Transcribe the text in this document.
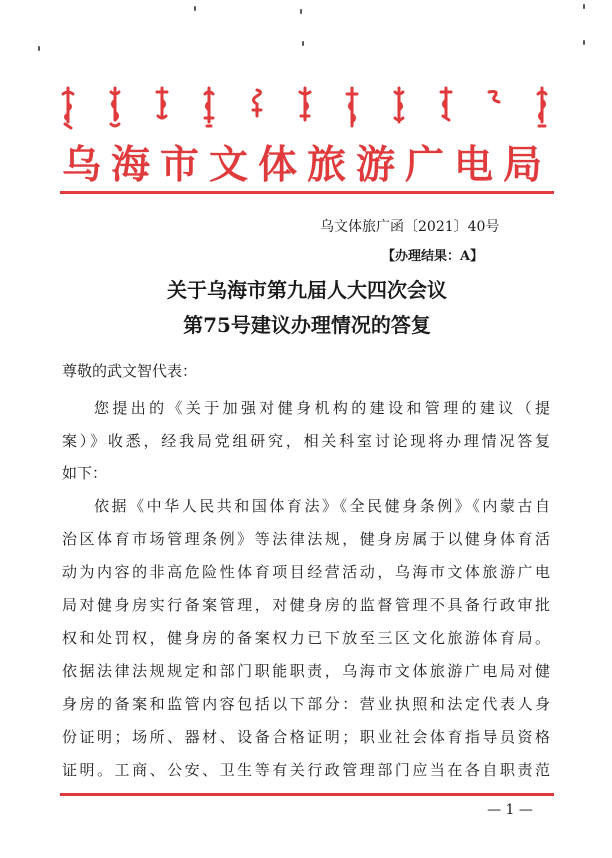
乌海市文体旅游广电局
乌文体旅广函〔2021〕40号
【办理结果：A】
关于乌海市第九届人大四次会议
第75号建议办理情况的答复
尊敬的武文智代表：
您提出的《关于加强对健身机构的建设和管理的建议（提
案）》收悉，经我局党组研究，相关科室讨论现将办理情况答复
如下：
依据《中华人民共和国体育法》《全民健身条例》《内蒙古自
治区体育市场管理条例》等法律法规，健身房属于以健身体育活
动为内容的非高危险性体育项目经营活动，乌海市文体旅游广电
局对健身房实行备案管理，对健身房的监督管理不具备行政审批
权和处罚权，健身房的备案权力已下放至三区文化旅游体育局。
依据法律法规规定和部门职能职责，乌海市文体旅游广电局对健
身房的备案和监管内容包括以下部分：营业执照和法定代表人身
份证明；场所、器材、设备合格证明；职业社会体育指导员资格
证明。工商、公安、卫生等有关行政管理部门应当在各自职责范
— 1 —
